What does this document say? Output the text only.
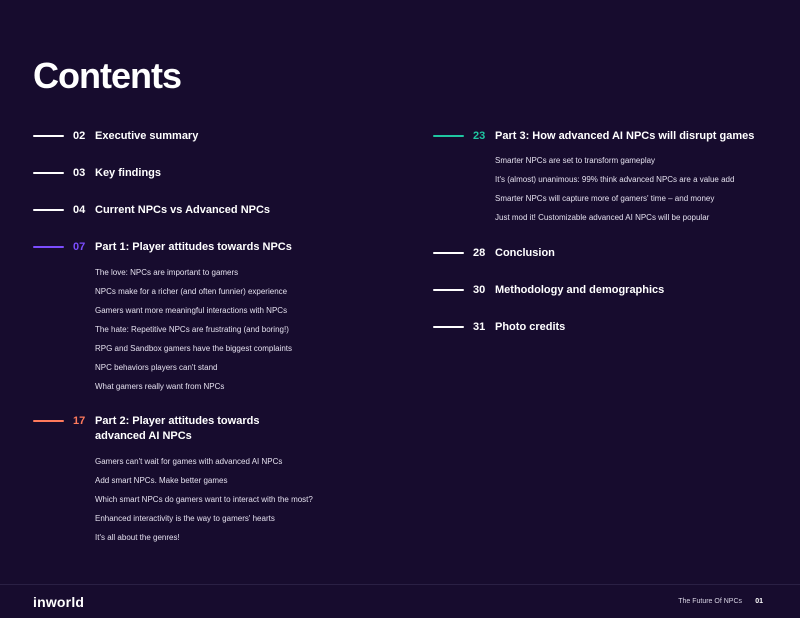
Contents
02 Executive summary
03 Key findings
04 Current NPCs vs Advanced NPCs
07 Part 1: Player attitudes towards NPCs
The love: NPCs are important to gamers
NPCs make for a richer (and often funnier) experience
Gamers want more meaningful interactions with NPCs
The hate: Repetitive NPCs are frustrating (and boring!)
RPG and Sandbox gamers have the biggest complaints
NPC behaviors players can't stand
What gamers really want from NPCs
17 Part 2: Player attitudes towards advanced AI NPCs
Gamers can't wait for games with advanced AI NPCs
Add smart NPCs. Make better games
Which smart NPCs do gamers want to interact with the most?
Enhanced interactivity is the way to gamers' hearts
It's all about the genres!
23 Part 3: How advanced AI NPCs will disrupt games
Smarter NPCs are set to transform gameplay
It's (almost) unanimous: 99% think advanced NPCs are a value add
Smarter NPCs will capture more of gamers' time – and money
Just mod it! Customizable advanced AI NPCs will be popular
28 Conclusion
30 Methodology and demographics
31 Photo credits
inworld	The Future Of NPCs 01
